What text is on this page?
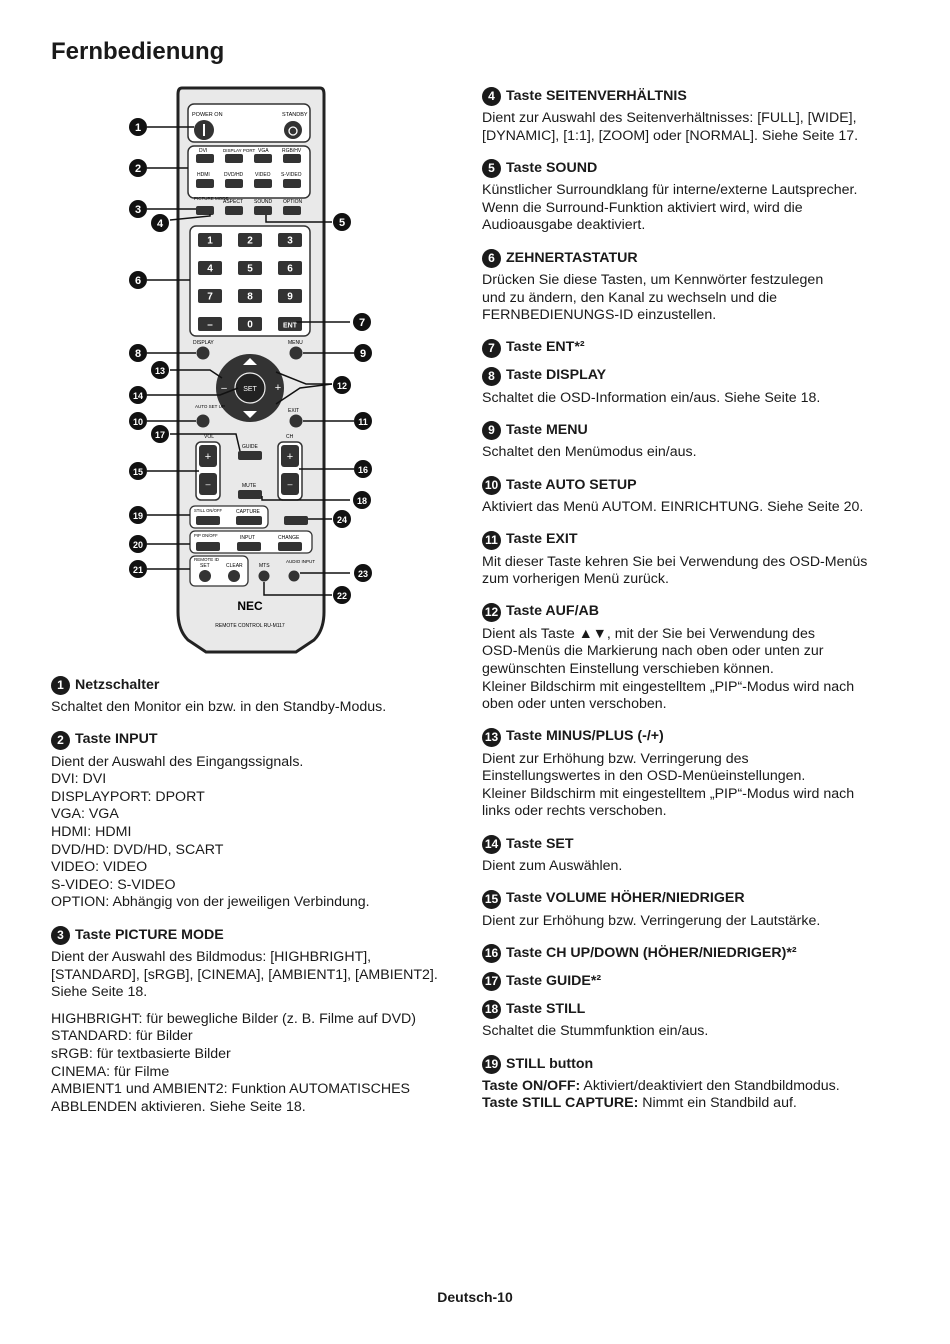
Fernbedienung
POWER ON	STANDBY
DVI	DISPLAY PORT VGA	RGB/HV
HDMI	DVD/HD VIDEO S-VIDEO
PICTURE MODE
ASPECT SOUND OPTION
1	2	3
4	5	6
7	8	9
–	0	ENT
DISPLAY	MENU
SET
–	+
AUTO SET UP
EXIT
VOL	CH
GUIDE
+
–
+
–
MUTE
STILL ON/OFF	CAPTURE
PIP ON/OFF	INPUT	CHANGE
REMOTE ID
SET	CLEAR	MTS
AUDIO INPUT
NEC
REMOTE CONTROL RU-M117
1
2
3
4	5
6
7
8	9
10	11
12
13
14
15	16
17
18
19
20
21
22
23
24
1 Netzschalter

Schaltet den Monitor ein bzw. in den Standby-Modus.

2 Taste INPUT

Dient der Auswahl des Eingangssignals.

DVI: DVI

DISPLAYPORT: DPORT

VGA: VGA

HDMI: HDMI

DVD/HD: DVD/HD, SCART

VIDEO: VIDEO

S-VIDEO: S-VIDEO

OPTION: Abhängig von der jeweiligen Verbindung.

3 Taste PICTURE MODE

Dient der Auswahl des Bildmodus: [HIGHBRIGHT],

[STANDARD], [sRGB], [CINEMA], [AMBIENT1], [AMBIENT2].

Siehe Seite 18.

HIGHBRIGHT: für bewegliche Bilder (z. B. Filme auf DVD)

STANDARD: für Bilder

sRGB: für textbasierte Bilder

CINEMA: für Filme

AMBIENT1 und AMBIENT2: Funktion AUTOMATISCHES

ABBLENDEN aktivieren. Siehe Seite 18.

4 Taste SEITENVERHÄLTNIS

Dient zur Auswahl des Seitenverhältnisses: [FULL], [WIDE],

[DYNAMIC], [1:1], [ZOOM] oder [NORMAL]. Siehe Seite 17.

5 Taste SOUND

Künstlicher Surroundklang für interne/externe Lautsprecher.

Wenn die Surround-Funktion aktiviert wird, wird die

Audioausgabe deaktiviert.

6 ZEHNERTASTATUR

Drücken Sie diese Tasten, um Kennwörter festzulegen

und zu ändern, den Kanal zu wechseln und die

FERNBEDIENUNGS-ID einzustellen.

7 Taste ENT*²
8 Taste DISPLAY

Schaltet die OSD-Information ein/aus. Siehe Seite 18.

9 Taste MENU

Schaltet den Menümodus ein/aus.

10 Taste AUTO SETUP

Aktiviert das Menü AUTOM. EINRICHTUNG. Siehe Seite 20.

11 Taste EXIT

Mit dieser Taste kehren Sie bei Verwendung des OSD-Menüs

zum vorherigen Menü zurück.

12 Taste AUF/AB

Dient als Taste ▲▼, mit der Sie bei Verwendung des

OSD-Menüs die Markierung nach oben oder unten zur

gewünschten Einstellung verschieben können.

Kleiner Bildschirm mit eingestelltem „PIP“-Modus wird nach

oben oder unten verschoben.

13 Taste MINUS/PLUS (-/+)

Dient zur Erhöhung bzw. Verringerung des

Einstellungswertes in den OSD-Menüeinstellungen.

Kleiner Bildschirm mit eingestelltem „PIP“-Modus wird nach

links oder rechts verschoben.

14 Taste SET

Dient zum Auswählen.

15 Taste VOLUME HÖHER/NIEDRIGER

Dient zur Erhöhung bzw. Verringerung der Lautstärke.

16 Taste CH UP/DOWN (HÖHER/NIEDRIGER)*²
17 Taste GUIDE*²
18 Taste STILL

Schaltet die Stummfunktion ein/aus.

19 STILL button

Taste ON/OFF: Aktiviert/deaktiviert den Standbildmodus.

Taste STILL CAPTURE: Nimmt ein Standbild auf.

Deutsch-10
